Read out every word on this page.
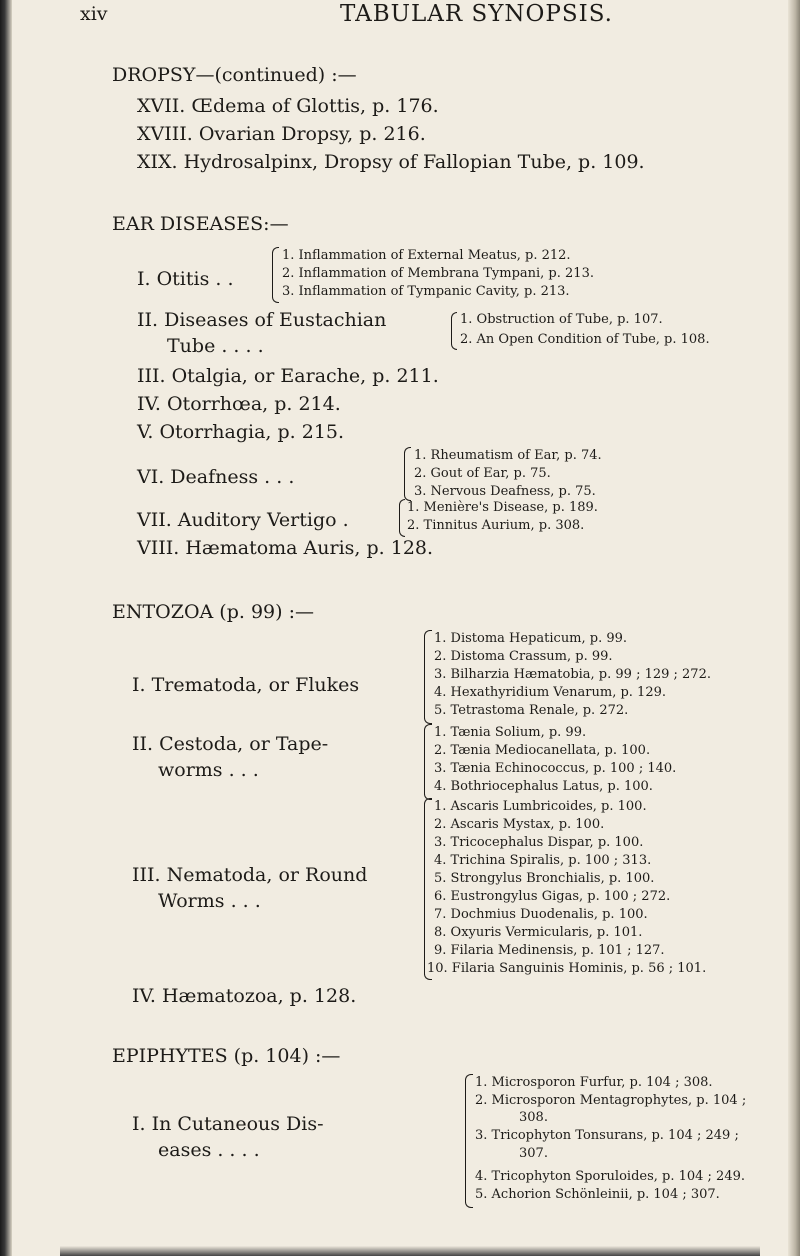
xiv	TABULAR SYNOPSIS.
DROPSY—(continued) :—
XVII. Œdema of Glottis, p. 176.
XVIII. Ovarian Dropsy, p. 216.
XIX. Hydrosalpinx, Dropsy of Fallopian Tube, p. 109.
EAR DISEASES:—
I. Otitis . .
1. Inflammation of External Meatus, p. 212.
2. Inflammation of Membrana Tympani, p. 213.
3. Inflammation of Tympanic Cavity, p. 213.
II. Diseases of Eustachian
Tube . . . .
1. Obstruction of Tube, p. 107.
2. An Open Condition of Tube, p. 108.
III. Otalgia, or Earache, p. 211.
IV. Otorrhœa, p. 214.
V. Otorrhagia, p. 215.
VI. Deafness . . .
1. Rheumatism of Ear, p. 74.
2. Gout of Ear, p. 75.
3. Nervous Deafness, p. 75.
VII. Auditory Vertigo .
1. Menière's Disease, p. 189.
2. Tinnitus Aurium, p. 308.
VIII. Hæmatoma Auris, p. 128.
ENTOZOA (p. 99) :—
I. Trematoda, or Flukes
1. Distoma Hepaticum, p. 99.
2. Distoma Crassum, p. 99.
3. Bilharzia Hæmatobia, p. 99 ; 129 ; 272.
4. Hexathyridium Venarum, p. 129.
5. Tetrastoma Renale, p. 272.
II. Cestoda, or Tape-
worms . . .
1. Tænia Solium, p. 99.
2. Tænia Mediocanellata, p. 100.
3. Tænia Echinococcus, p. 100 ; 140.
4. Bothriocephalus Latus, p. 100.
III. Nematoda, or Round
Worms . . .
1. Ascaris Lumbricoides, p. 100.
2. Ascaris Mystax, p. 100.
3. Tricocephalus Dispar, p. 100.
4. Trichina Spiralis, p. 100 ; 313.
5. Strongylus Bronchialis, p. 100.
6. Eustrongylus Gigas, p. 100 ; 272.
7. Dochmius Duodenalis, p. 100.
8. Oxyuris Vermicularis, p. 101.
9. Filaria Medinensis, p. 101 ; 127.
10. Filaria Sanguinis Hominis, p. 56 ; 101.
IV. Hæmatozoa, p. 128.
EPIPHYTES (p. 104) :—
I. In Cutaneous Dis-
eases . . . .
1. Microsporon Furfur, p. 104 ; 308.
2. Microsporon Mentagrophytes, p. 104 ;
308.
3. Tricophyton Tonsurans, p. 104 ; 249 ;
307.
4. Tricophyton Sporuloides, p. 104 ; 249.
5. Achorion Schönleinii, p. 104 ; 307.
